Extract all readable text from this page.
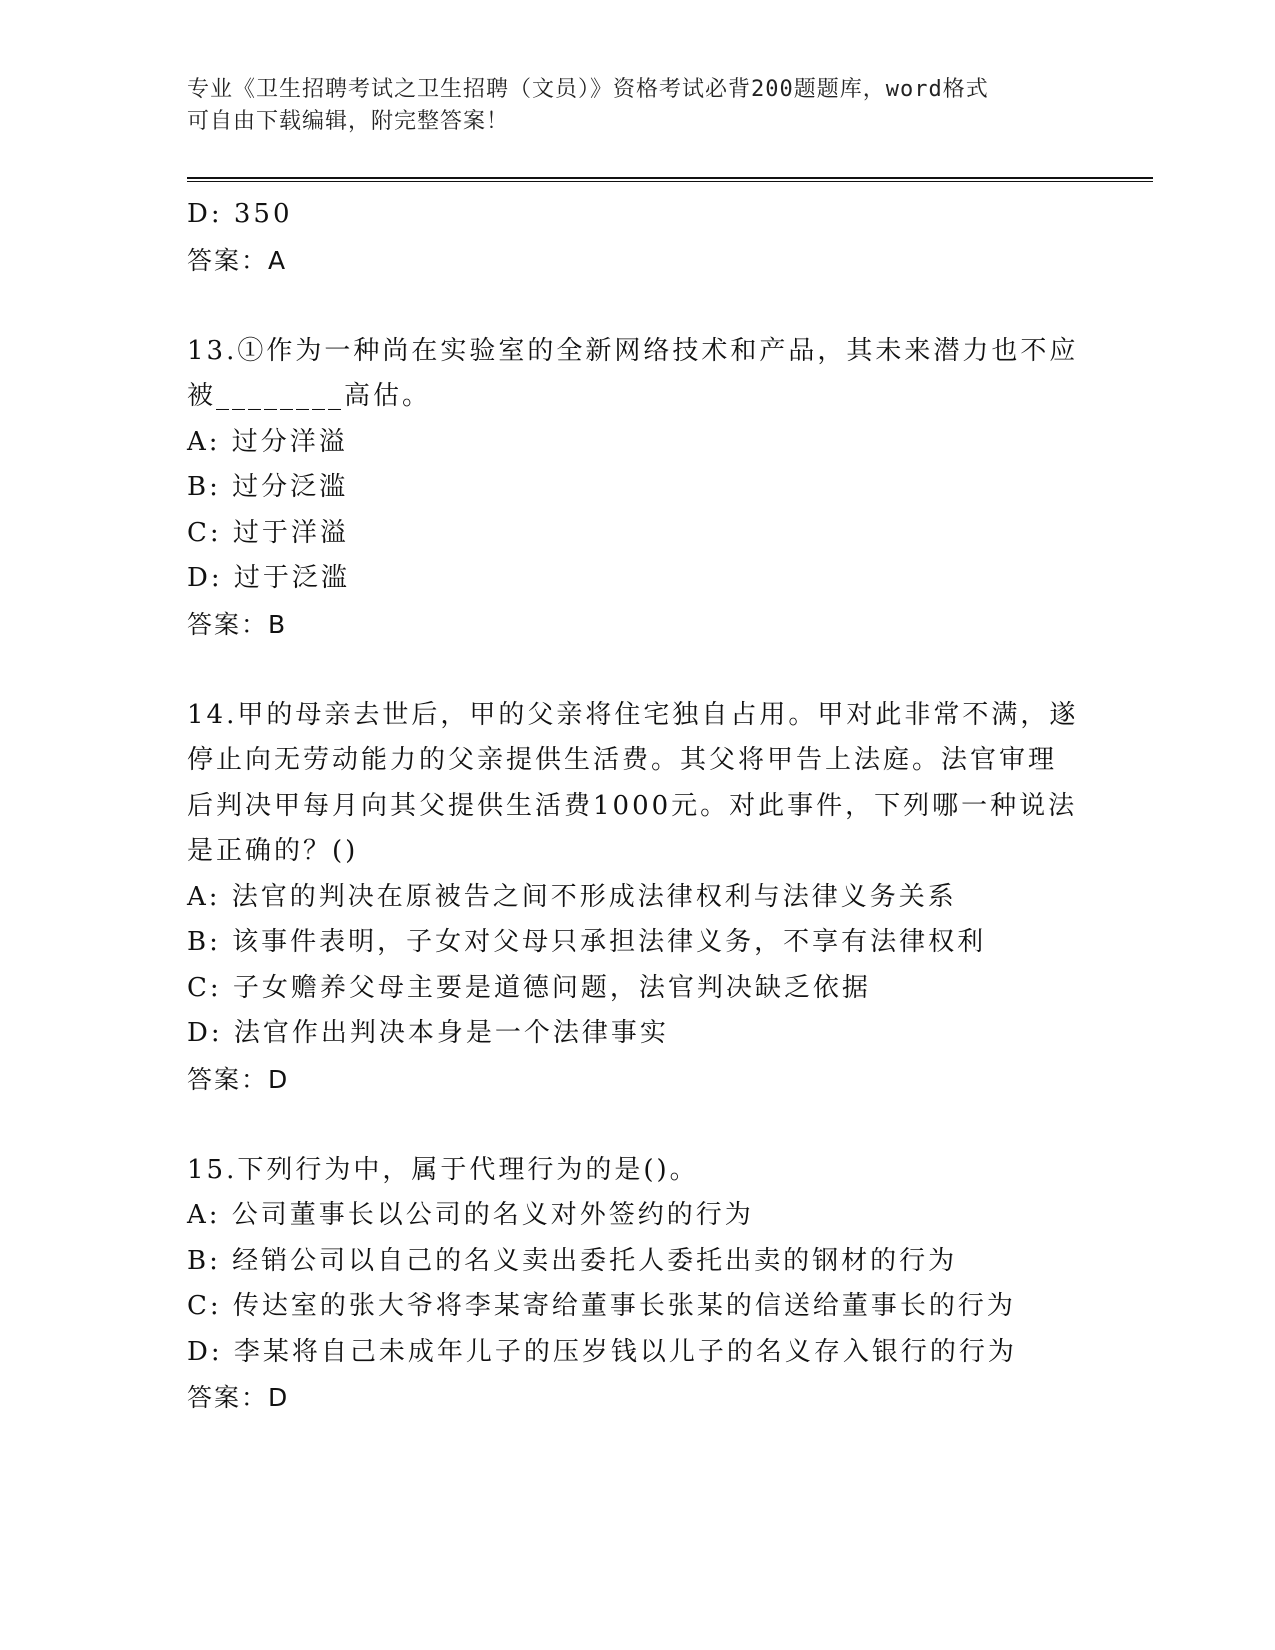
专业《卫生招聘考试之卫生招聘（文员）》资格考试必背200题题库，word格式
可自由下载编辑，附完整答案！
D: 350
答案：A
13.①作为一种尚在实验室的全新网络技术和产品，其未来潜力也不应
被________高估。
A: 过分洋溢
B: 过分泛滥
C: 过于洋溢
D: 过于泛滥
答案：B
14.甲的母亲去世后，甲的父亲将住宅独自占用。甲对此非常不满，遂
停止向无劳动能力的父亲提供生活费。其父将甲告上法庭。法官审理
后判决甲每月向其父提供生活费1000元。对此事件，下列哪一种说法
是正确的？()
A: 法官的判决在原被告之间不形成法律权利与法律义务关系
B: 该事件表明，子女对父母只承担法律义务，不享有法律权利
C: 子女赡养父母主要是道德问题，法官判决缺乏依据
D: 法官作出判决本身是一个法律事实
答案：D
15.下列行为中，属于代理行为的是()。
A: 公司董事长以公司的名义对外签约的行为
B: 经销公司以自己的名义卖出委托人委托出卖的钢材的行为
C: 传达室的张大爷将李某寄给董事长张某的信送给董事长的行为
D: 李某将自己未成年儿子的压岁钱以儿子的名义存入银行的行为
答案：D
